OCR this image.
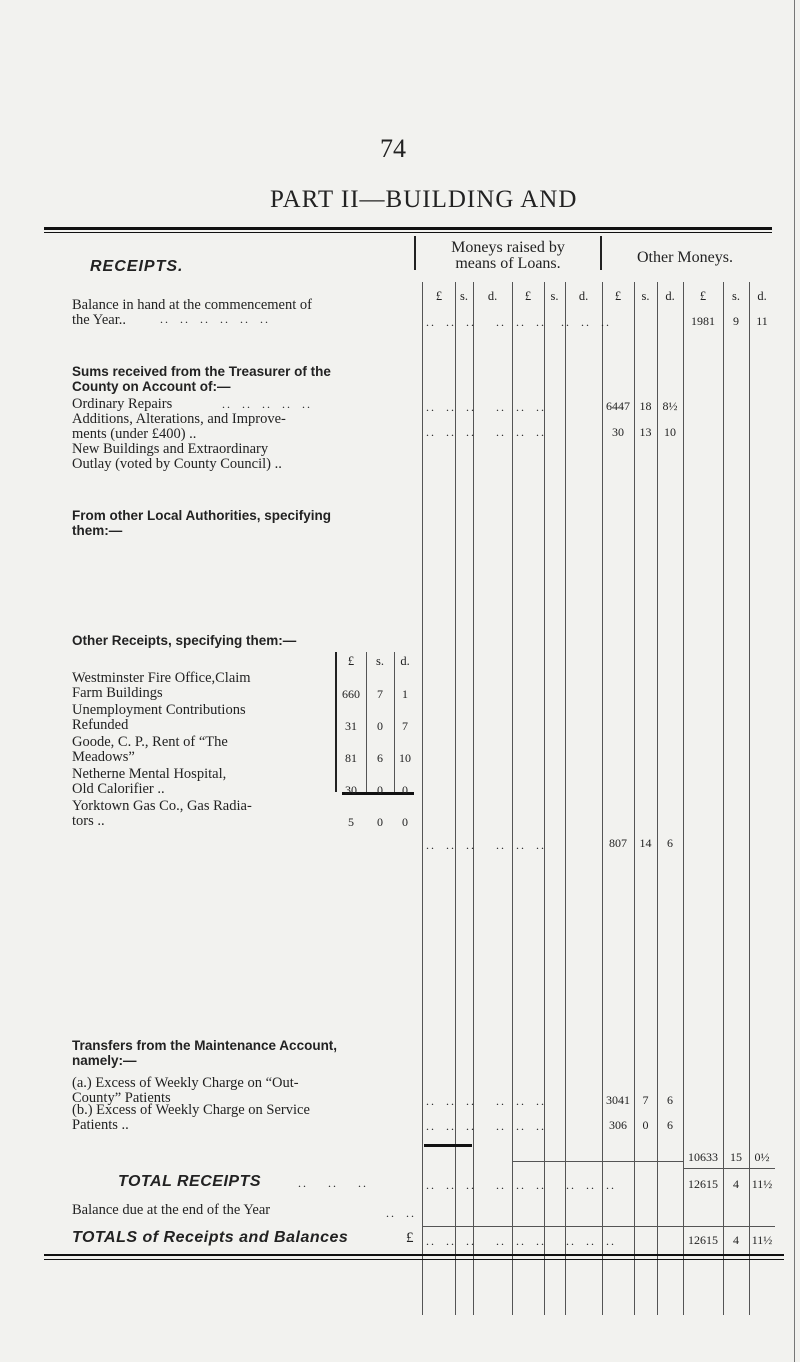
74
PART II—BUILDING AND
RECEIPTS.
Moneys raised by
means of Loans.	Other Moneys.
£	s.	d.	£	s.	d.	£	s.	d.	£	s.	d.
Balance in hand at the commencement of
the Year..	..  ..  ..  ..  ..  ..	..  ..  ..    ..  ..  ..   ..  ..  ..	1981	9	11
Sums received from the Treasurer of the
County on Account of:—
Ordinary Repairs	..  ..  ..  ..  ..	..  ..  ..    ..  ..  ..	6447 18 8½
Additions, Alterations, and Improve-
ments (under £400) ..	..  ..  ..    ..  ..  ..	30	13	10
New Buildings and Extraordinary
Outlay (voted by County Council) ..
From other Local Authorities, specifying
them:—
Other Receipts, specifying them:—
£	s.	d.
Westminster Fire Office,Claim
Farm Buildings	660	7	1
Unemployment Contributions
Refunded	31	0	7
Goode, C. P., Rent of “The
Meadows”	81	6	10
Netherne Mental Hospital,
Old Calorifier ..	30	0	0
Yorktown Gas Co., Gas Radia-
tors ..	5	0	0
..  ..  ..    ..  ..  ..	807	14	6
Transfers from the Maintenance Account,
namely:—
(a.) Excess of Weekly Charge on “Out-
County” Patients	..  ..  ..    ..  ..  ..	3041	7	6
(b.) Excess of Weekly Charge on Service
Patients ..	..  ..  ..    ..  ..  ..	306	0	6
10633	15	0½
TOTAL RECEIPTS	..    ..    ..	..  ..  ..    ..  ..  ..    ..  ..  ..	12615	4	11½
Balance due at the end of the Year	..  ..
TOTALS of Receipts and Balances	£ ..  ..  ..    ..  ..  ..    ..  ..  ..	12615	4	11½
